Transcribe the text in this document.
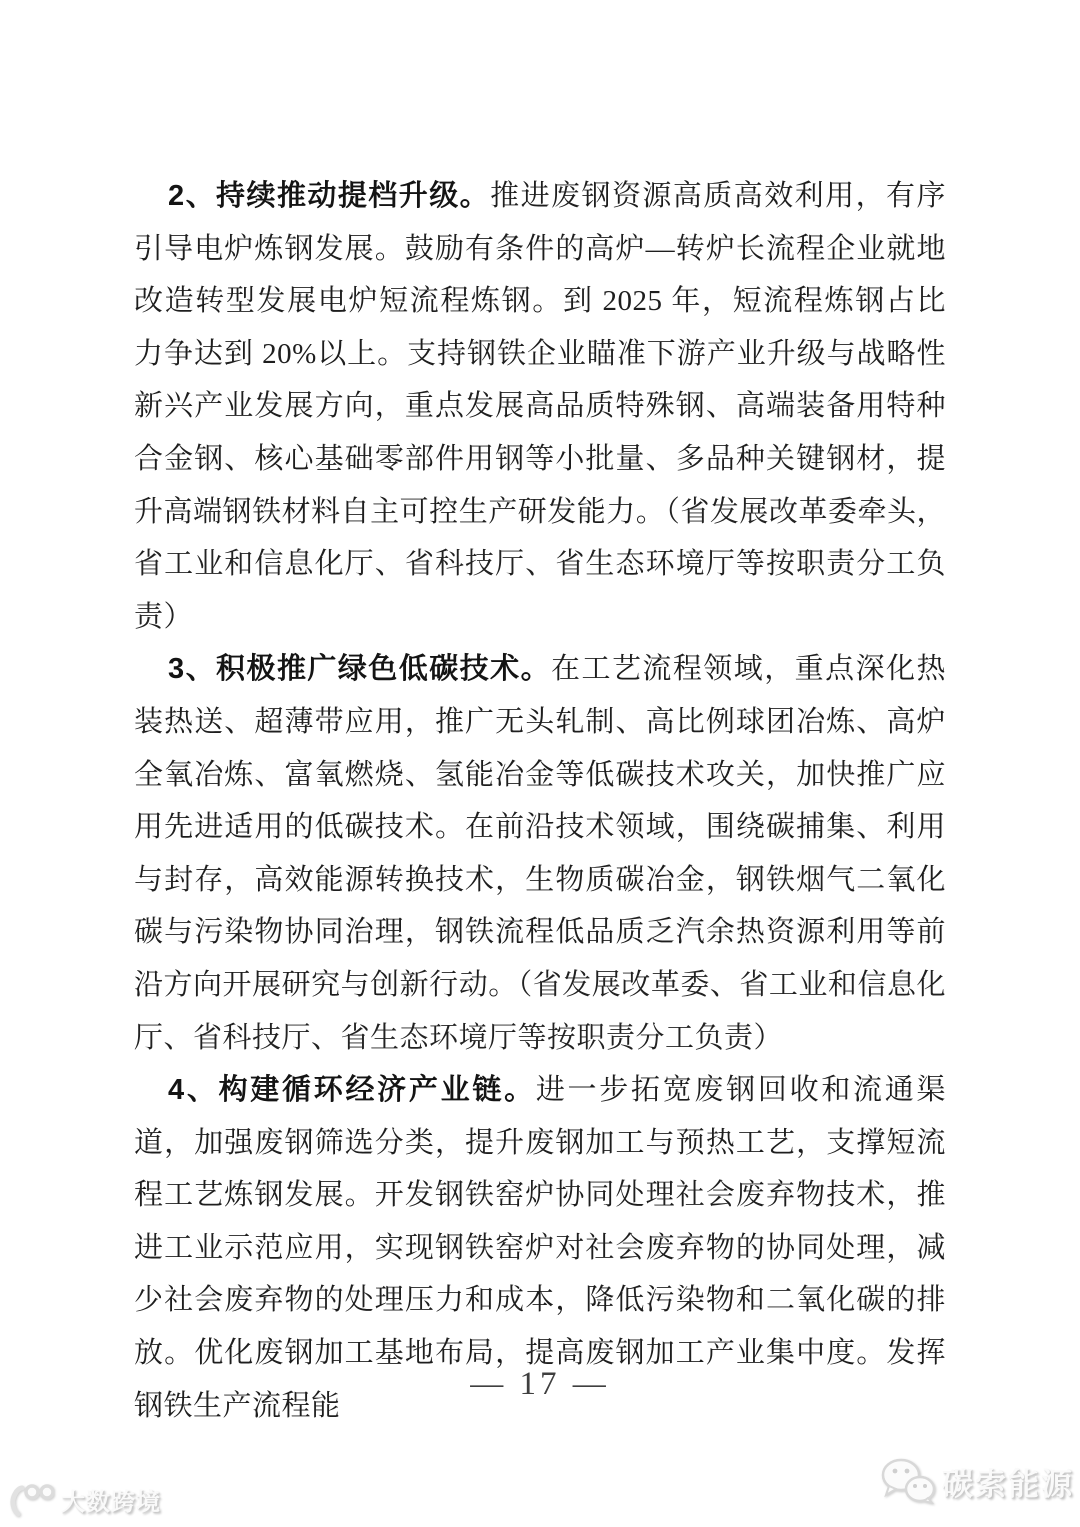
2、持续推动提档升级。推进废钢资源高质高效利用，有序引导电炉炼钢发展。鼓励有条件的高炉—转炉长流程企业就地改造转型发展电炉短流程炼钢。到 2025 年，短流程炼钢占比力争达到 20%以上。支持钢铁企业瞄准下游产业升级与战略性新兴产业发展方向，重点发展高品质特殊钢、高端装备用特种合金钢、核心基础零部件用钢等小批量、多品种关键钢材，提升高端钢铁材料自主可控生产研发能力。（省发展改革委牵头，省工业和信息化厅、省科技厅、省生态环境厅等按职责分工负责）

3、积极推广绿色低碳技术。在工艺流程领域，重点深化热装热送、超薄带应用，推广无头轧制、高比例球团冶炼、高炉全氧冶炼、富氧燃烧、氢能冶金等低碳技术攻关，加快推广应用先进适用的低碳技术。在前沿技术领域，围绕碳捕集、利用与封存，高效能源转换技术，生物质碳冶金，钢铁烟气二氧化碳与污染物协同治理，钢铁流程低品质乏汽余热资源利用等前沿方向开展研究与创新行动。（省发展改革委、省工业和信息化厅、省科技厅、省生态环境厅等按职责分工负责）

4、构建循环经济产业链。进一步拓宽废钢回收和流通渠道，加强废钢筛选分类，提升废钢加工与预热工艺，支撑短流程工艺炼钢发展。开发钢铁窑炉协同处理社会废弃物技术，推进工业示范应用，实现钢铁窑炉对社会废弃物的协同处理，减少社会废弃物的处理压力和成本，降低污染物和二氧化碳的排放。优化废钢加工基地布局，提高废钢加工产业集中度。发挥钢铁生产流程能

— 17 —
大数跨境
碳索能源
